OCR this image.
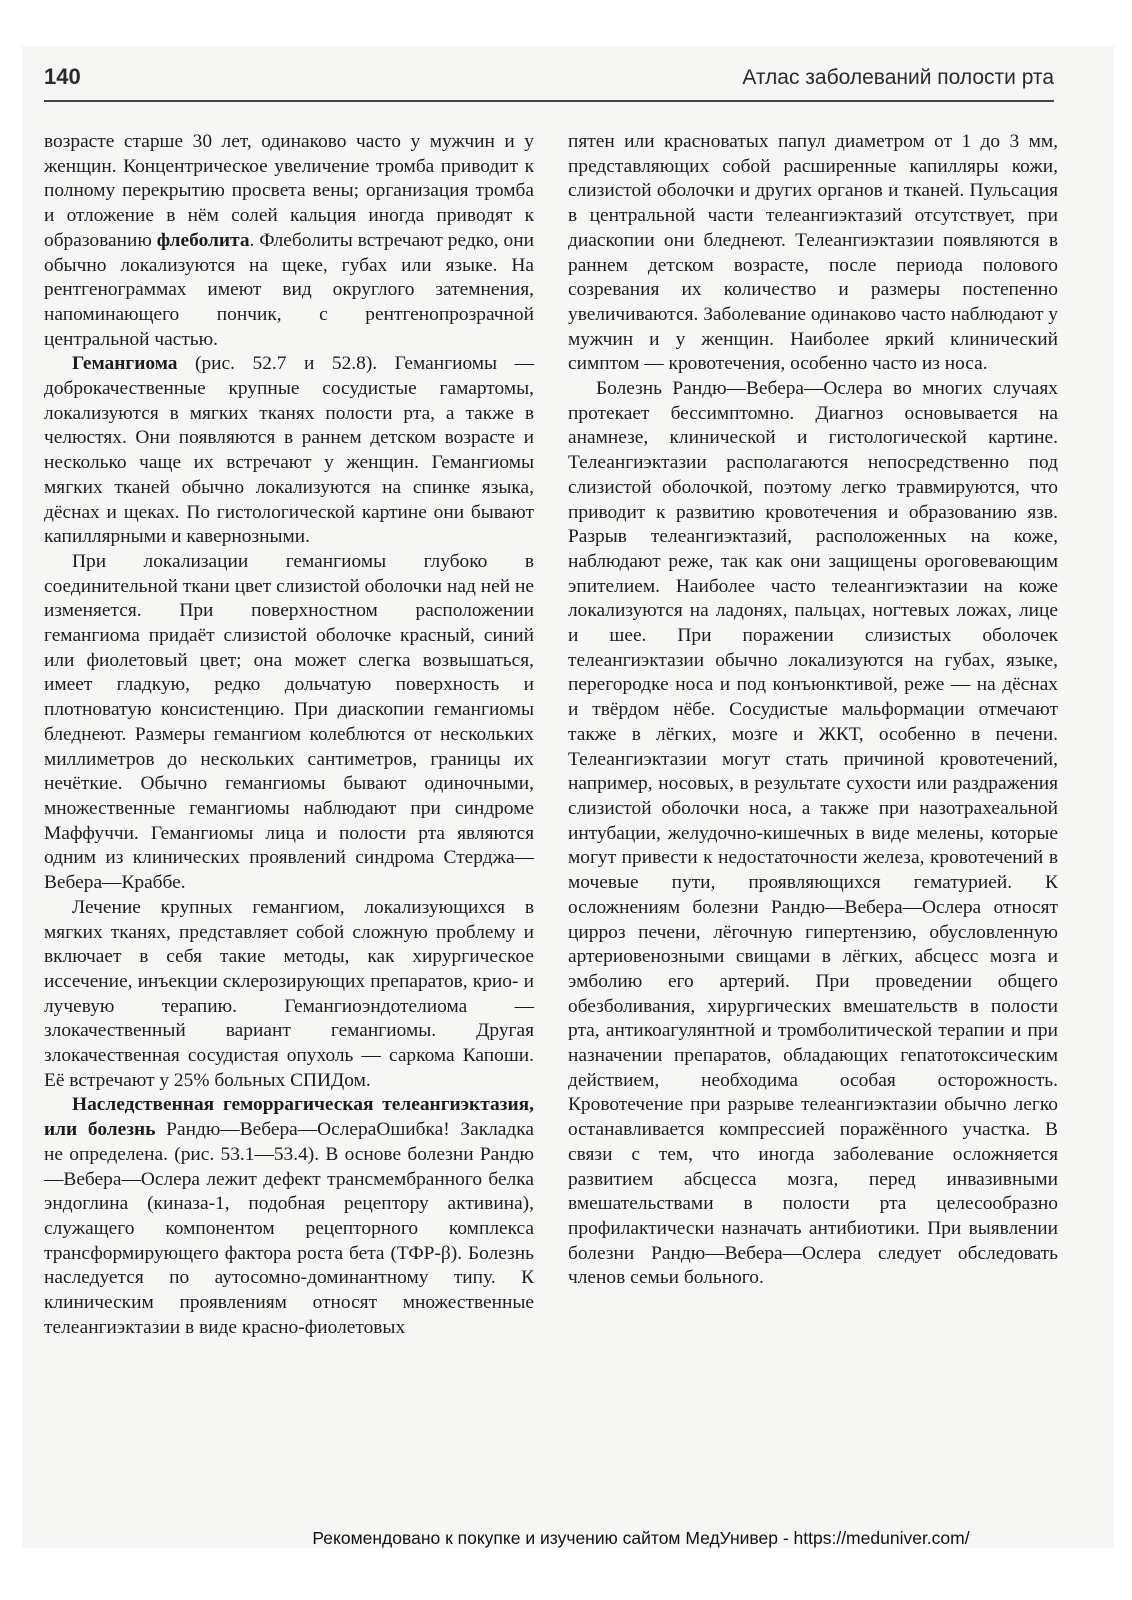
140	Атлас заболеваний полости рта

возрасте старше 30 лет, одинаково часто у мужчин и у женщин. Концентрическое увеличение тромба приводит к полному перекрытию просвета вены; организация тромба и отложение в нём солей кальция иногда приводят к образованию флеболита. Флеболиты встречают редко, они обычно локализуются на щеке, губах или языке. На рентгенограммах имеют вид округлого затемнения, напоминающего пончик, с рентгенопрозрачной центральной частью.

Гемангиома (рис. 52.7 и 52.8). Гемангиомы — доброкачественные крупные сосудистые гамартомы, локализуются в мягких тканях полости рта, а также в челюстях. Они появляются в раннем детском возрасте и несколько чаще их встречают у женщин. Гемангиомы мягких тканей обычно локализуются на спинке языка, дёснах и щеках. По гистологической картине они бывают капиллярными и кавернозными.

При локализации гемангиомы глубоко в соединительной ткани цвет слизистой оболочки над ней не изменяется. При поверхностном расположении гемангиома придаёт слизистой оболочке красный, синий или фиолетовый цвет; она может слегка возвышаться, имеет гладкую, редко дольчатую поверхность и плотноватую консистенцию. При диаскопии гемангиомы бледнеют. Размеры гемангиом колеблются от нескольких миллиметров до нескольких сантиметров, границы их нечёткие. Обычно гемангиомы бывают одиночными, множественные гемангиомы наблюдают при синдроме Маффуччи. Гемангиомы лица и полости рта являются одним из клинических проявлений синдрома Стерджа—Вебера—Краббе.

Лечение крупных гемангиом, локализующихся в мягких тканях, представляет собой сложную проблему и включает в себя такие методы, как хирургическое иссечение, инъекции склерозирующих препаратов, крио- и лучевую терапию. Гемангиоэндотелиома — злокачественный вариант гемангиомы. Другая злокачественная сосудистая опухоль — саркома Капоши. Её встречают у 25% больных СПИДом.

Наследственная геморрагическая телеангиэктазия, или болезнь Рандю—Вебера—ОслераОшибка! Закладка не определена. (рис. 53.1—53.4). В основе болезни Рандю—Вебера—Ослера лежит дефект трансмембранного белка эндоглина (киназа-1, подобная рецептору активина), служащего компонентом рецепторного комплекса трансформирующего фактора роста бета (ТФР-β). Болезнь наследуется по аутосомно-доминантному типу. К клиническим проявлениям относят множественные телеангиэктазии в виде красно-фиолетовых

пятен или красноватых папул диаметром от 1 до 3 мм, представляющих собой расширенные капилляры кожи, слизистой оболочки и других органов и тканей. Пульсация в центральной части телеангиэктазий отсутствует, при диаскопии они бледнеют. Телеангиэктазии появляются в раннем детском возрасте, после периода полового созревания их количество и размеры постепенно увеличиваются. Заболевание одинаково часто наблюдают у мужчин и у женщин. Наиболее яркий клинический симптом — кровотечения, особенно часто из носа.

Болезнь Рандю—Вебера—Ослера во многих случаях протекает бессимптомно. Диагноз основывается на анамнезе, клинической и гистологической картине. Телеангиэктазии располагаются непосредственно под слизистой оболочкой, поэтому легко травмируются, что приводит к развитию кровотечения и образованию язв. Разрыв телеангиэктазий, расположенных на коже, наблюдают реже, так как они защищены ороговевающим эпителием. Наиболее часто телеангиэктазии на коже локализуются на ладонях, пальцах, ногтевых ложах, лице и шее. При поражении слизистых оболочек телеангиэктазии обычно локализуются на губах, языке, перегородке носа и под конъюнктивой, реже — на дёснах и твёрдом нёбе. Сосудистые мальформации отмечают также в лёгких, мозге и ЖКТ, особенно в печени. Телеангиэктазии могут стать причиной кровотечений, например, носовых, в результате сухости или раздражения слизистой оболочки носа, а также при назотрахеальной интубации, желудочно-кишечных в виде мелены, которые могут привести к недостаточности железа, кровотечений в мочевые пути, проявляющихся гематурией. К осложнениям болезни Рандю—Вебера—Ослера относят цирроз печени, лёгочную гипертензию, обусловленную артериовенозными свищами в лёгких, абсцесс мозга и эмболию его артерий. При проведении общего обезболивания, хирургических вмешательств в полости рта, антикоагулянтной и тромболитической терапии и при назначении препаратов, обладающих гепатотоксическим действием, необходима особая осторожность. Кровотечение при разрыве телеангиэктазии обычно легко останавливается компрессией поражённого участка. В связи с тем, что иногда заболевание осложняется развитием абсцесса мозга, перед инвазивными вмешательствами в полости рта целесообразно профилактически назначать антибиотики. При выявлении болезни Рандю—Вебера—Ослера следует обследовать членов семьи больного.

Рекомендовано к покупке и изучению сайтом МедУнивер - https://meduniver.com/
